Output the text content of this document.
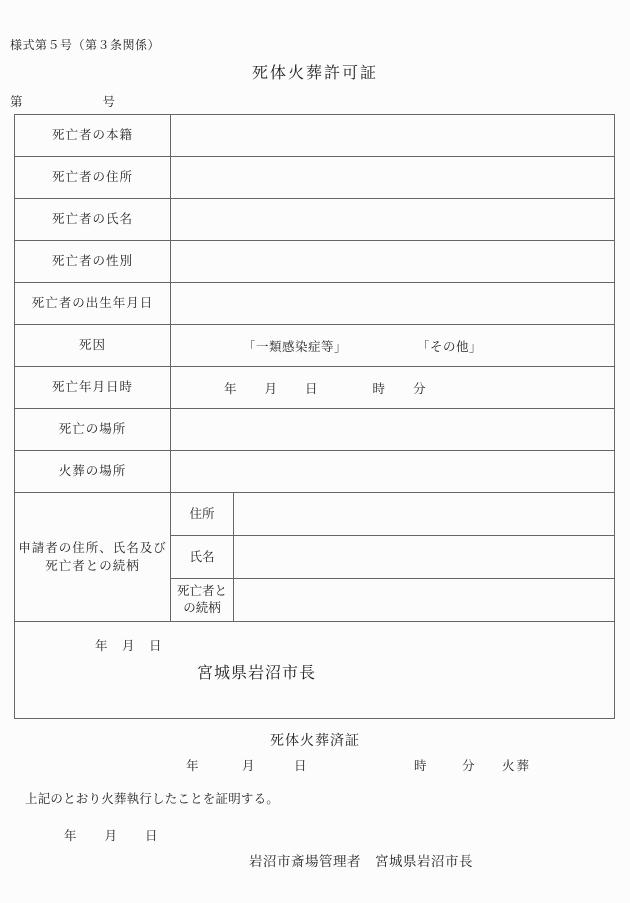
様式第５号（第３条関係）
死体火葬許可証
第	号
死亡者の本籍
死亡者の住所
死亡者の氏名
死亡者の性別
死亡者の出生年月日
死因	「一類感染症等」	「その他」
死亡年月日時	年　　月　　日　　　　時　　分
死亡の場所
火葬の場所
申請者の住所、氏名及び
死亡者との続柄
住所
氏名
死亡者と
の続柄
年　月　日
宮城県岩沼市長
死体火葬済証
年	月	日	時	分 火葬
上記のとおり火葬執行したことを証明する。
年　　月　　日
岩沼市斎場管理者　宮城県岩沼市長
